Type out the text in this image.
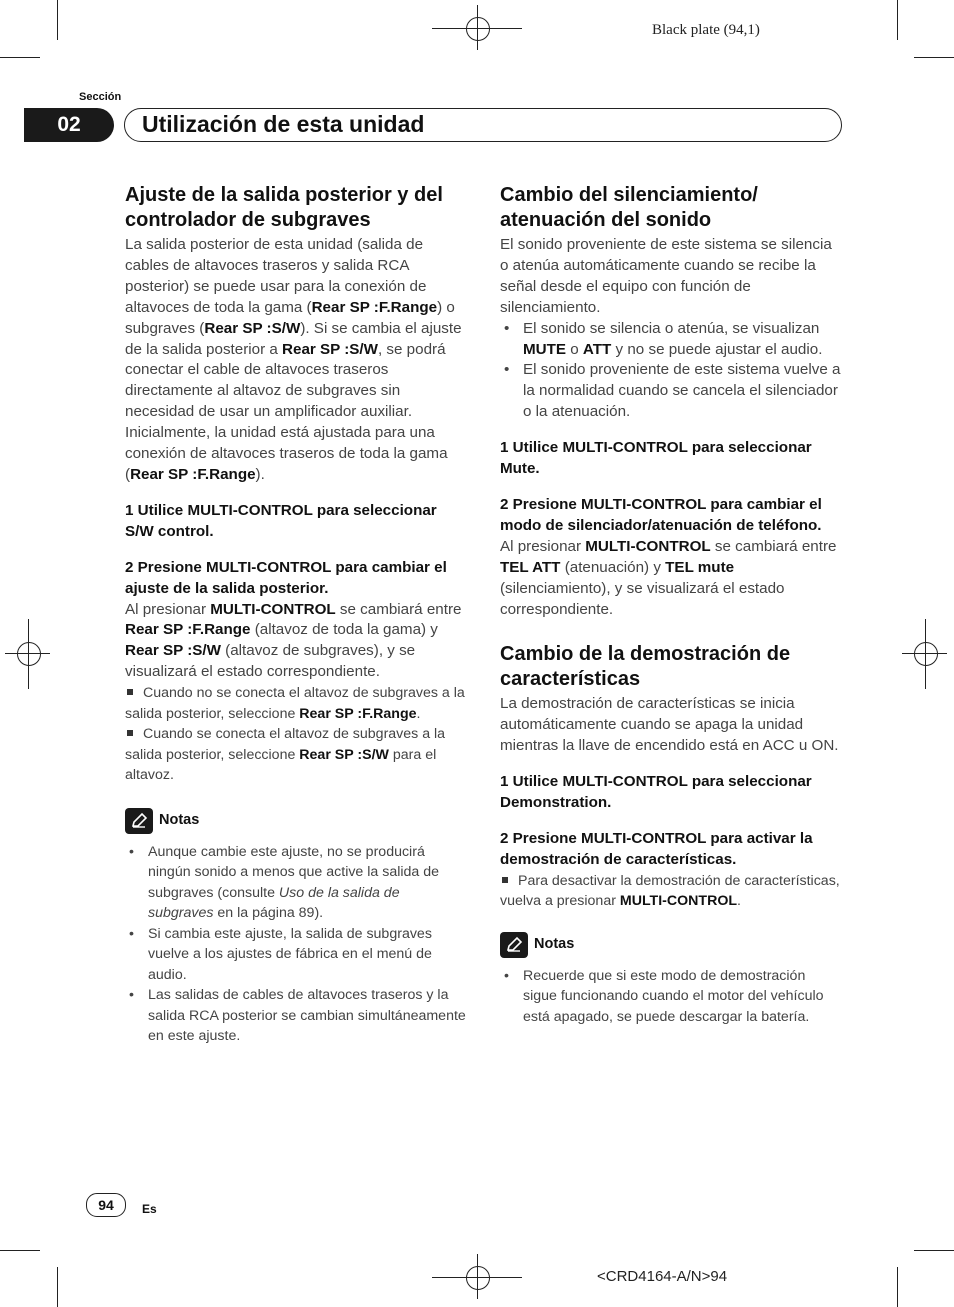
Black plate (94,1)
Sección
02	Utilización de esta unidad

Ajuste de la salida posterior y del controlador de subgraves

La salida posterior de esta unidad (salida de cables de altavoces traseros y salida RCA posterior) se puede usar para la conexión de altavoces de toda la gama (Rear SP :F.Range) o subgraves (Rear SP :S/W). Si se cambia el ajuste de la salida posterior a Rear SP :S/W, se podrá conectar el cable de altavoces traseros directamente al altavoz de subgraves sin necesidad de usar un amplificador auxiliar. Inicialmente, la unidad está ajustada para una conexión de altavoces traseros de toda la gama (Rear SP :F.Range).

1 Utilice MULTI-CONTROL para seleccionar S/W control.

2 Presione MULTI-CONTROL para cambiar el ajuste de la salida posterior.

Al presionar MULTI-CONTROL se cambiará entre Rear SP :F.Range (altavoz de toda la gama) y Rear SP :S/W (altavoz de subgraves), y se visualizará el estado correspondiente.

Cuando no se conecta el altavoz de subgraves a la salida posterior, seleccione Rear SP :F.Range.

Cuando se conecta el altavoz de subgraves a la salida posterior, seleccione Rear SP :S/W para el altavoz.

Notas

• Aunque cambie este ajuste, no se producirá ningún sonido a menos que active la salida de subgraves (consulte Uso de la salida de subgraves en la página 89).

• Si cambia este ajuste, la salida de subgraves vuelve a los ajustes de fábrica en el menú de audio.

• Las salidas de cables de altavoces traseros y la salida RCA posterior se cambian simultáneamente en este ajuste.

Cambio del silenciamiento/ atenuación del sonido

El sonido proveniente de este sistema se silencia o atenúa automáticamente cuando se recibe la señal desde el equipo con función de silenciamiento.

• El sonido se silencia o atenúa, se visualizan MUTE o ATT y no se puede ajustar el audio.

• El sonido proveniente de este sistema vuelve a la normalidad cuando se cancela el silenciador o la atenuación.

1 Utilice MULTI-CONTROL para seleccionar Mute.

2 Presione MULTI-CONTROL para cambiar el modo de silenciador/atenuación de teléfono.

Al presionar MULTI-CONTROL se cambiará entre TEL ATT (atenuación) y TEL mute (silenciamiento), y se visualizará el estado correspondiente.

Cambio de la demostración de características

La demostración de características se inicia automáticamente cuando se apaga la unidad mientras la llave de encendido está en ACC u ON.

1 Utilice MULTI-CONTROL para seleccionar Demonstration.

2 Presione MULTI-CONTROL para activar la demostración de características.

Para desactivar la demostración de características, vuelva a presionar MULTI-CONTROL.

Notas

• Recuerde que si este modo de demostración sigue funcionando cuando el motor del vehículo está apagado, se puede descargar la batería.

94	Es
<CRD4164-A/N>94
